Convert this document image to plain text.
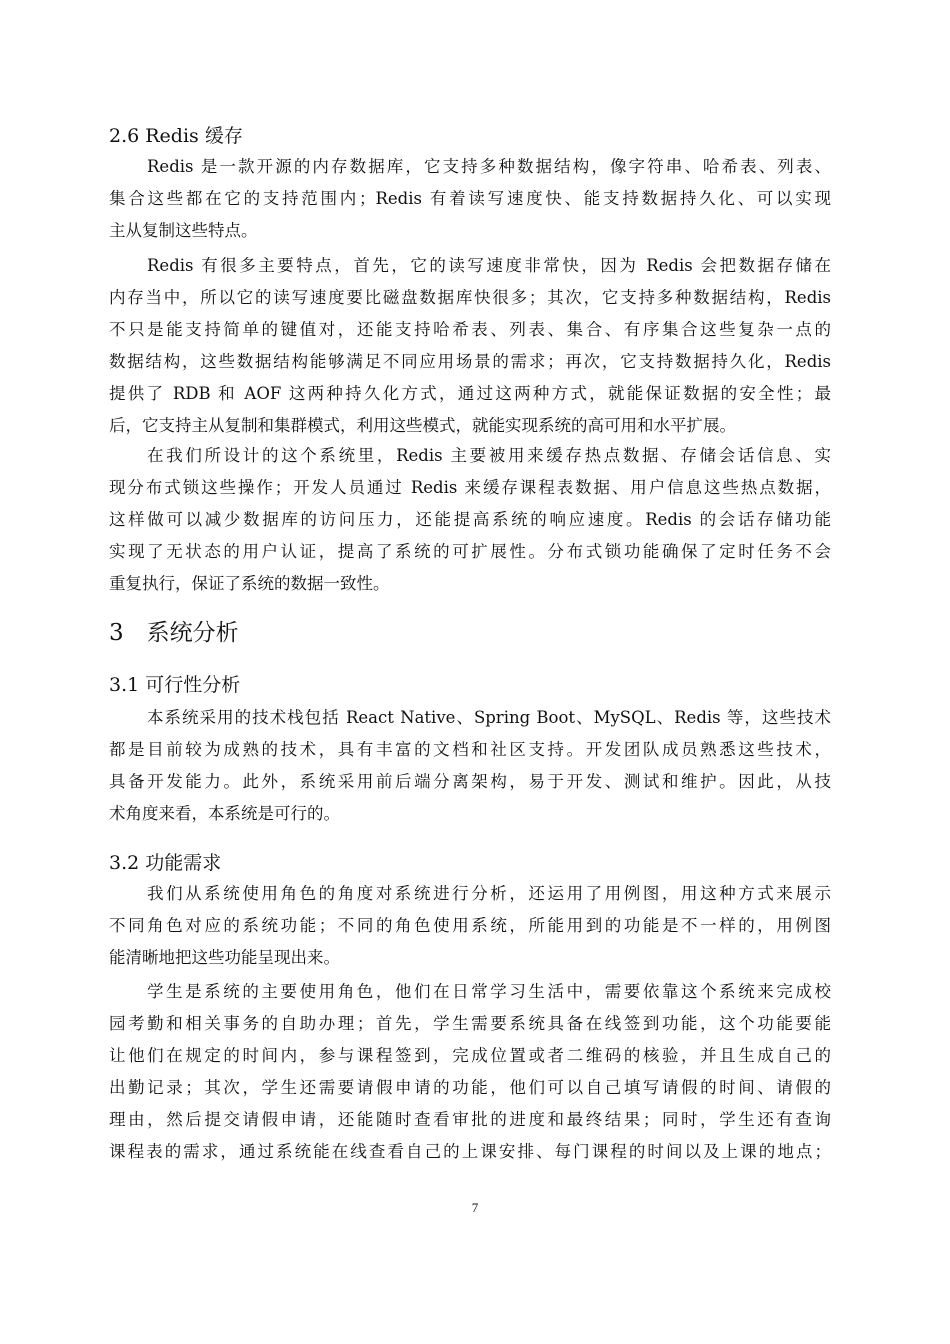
2.6 Redis 缓存
Redis 是一款开源的内存数据库，它支持多种数据结构，像字符串、哈希表、列表、
集合这些都在它的支持范围内；Redis 有着读写速度快、能支持数据持久化、可以实现
主从复制这些特点。
Redis 有很多主要特点，首先，它的读写速度非常快，因为 Redis 会把数据存储在
内存当中，所以它的读写速度要比磁盘数据库快很多；其次，它支持多种数据结构，Redis
不只是能支持简单的键值对，还能支持哈希表、列表、集合、有序集合这些复杂一点的
数据结构，这些数据结构能够满足不同应用场景的需求；再次，它支持数据持久化，Redis
提供了 RDB 和 AOF 这两种持久化方式，通过这两种方式，就能保证数据的安全性；最
后，它支持主从复制和集群模式，利用这些模式，就能实现系统的高可用和水平扩展。
在我们所设计的这个系统里，Redis 主要被用来缓存热点数据、存储会话信息、实
现分布式锁这些操作；开发人员通过 Redis 来缓存课程表数据、用户信息这些热点数据，
这样做可以减少数据库的访问压力，还能提高系统的响应速度。Redis 的会话存储功能
实现了无状态的用户认证，提高了系统的可扩展性。分布式锁功能确保了定时任务不会
重复执行，保证了系统的数据一致性。
3　系统分析
3.1 可行性分析
本系统采用的技术栈包括 React Native、Spring Boot、MySQL、Redis 等，这些技术
都是目前较为成熟的技术，具有丰富的文档和社区支持。开发团队成员熟悉这些技术，
具备开发能力。此外，系统采用前后端分离架构，易于开发、测试和维护。因此，从技
术角度来看，本系统是可行的。
3.2 功能需求
我们从系统使用角色的角度对系统进行分析，还运用了用例图，用这种方式来展示
不同角色对应的系统功能；不同的角色使用系统，所能用到的功能是不一样的，用例图
能清晰地把这些功能呈现出来。
学生是系统的主要使用角色，他们在日常学习生活中，需要依靠这个系统来完成校
园考勤和相关事务的自助办理；首先，学生需要系统具备在线签到功能，这个功能要能
让他们在规定的时间内，参与课程签到，完成位置或者二维码的核验，并且生成自己的
出勤记录；其次，学生还需要请假申请的功能，他们可以自己填写请假的时间、请假的
理由，然后提交请假申请，还能随时查看审批的进度和最终结果；同时，学生还有查询
课程表的需求，通过系统能在线查看自己的上课安排、每门课程的时间以及上课的地点；
7
